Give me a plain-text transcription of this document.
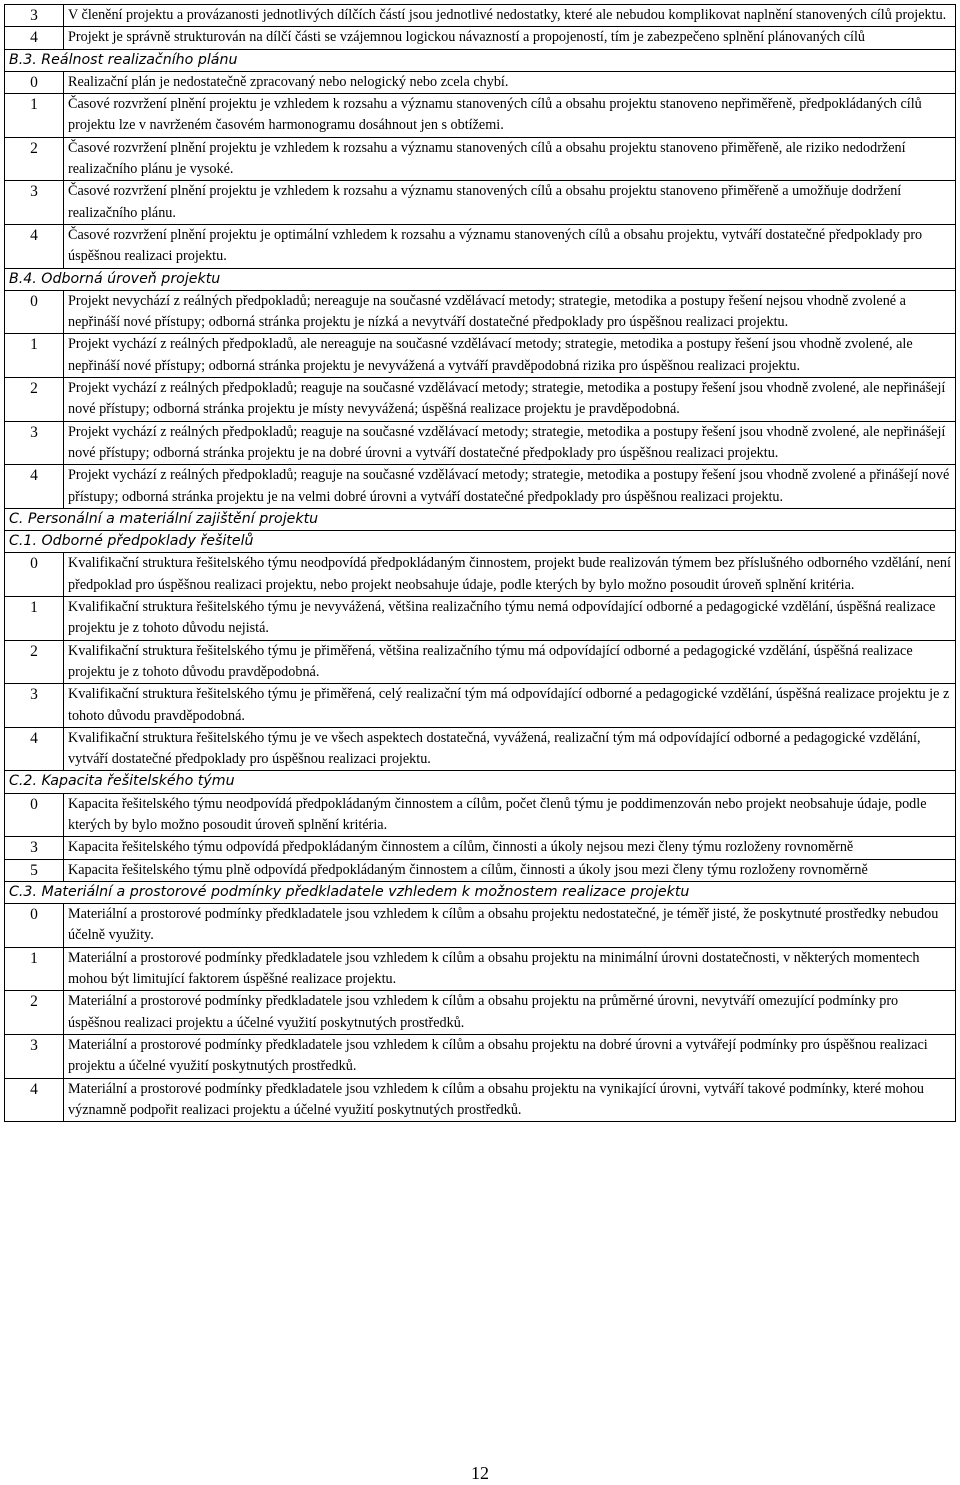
3	V členění projektu a provázanosti jednotlivých dílčích částí jsou jednotlivé nedostatky, které ale nebudou komplikovat naplnění stanovených cílů projektu.
4	Projekt je správně strukturován na dílčí části se vzájemnou logickou návazností a propojeností, tím je zabezpečeno splnění plánovaných cílů
B.3. Reálnost realizačního plánu	
0	Realizační plán je nedostatečně zpracovaný nebo nelogický nebo zcela chybí.
1	Časové rozvržení plnění projektu je vzhledem k rozsahu a významu stanovených cílů a obsahu projektu stanoveno nepřiměřeně, předpokládaných cílů projektu lze v navrženém časovém harmonogramu dosáhnout jen s obtížemi.
2	Časové rozvržení plnění projektu je vzhledem k rozsahu a významu stanovených cílů a obsahu projektu stanoveno přiměřeně, ale riziko nedodržení realizačního plánu je vysoké.
3	Časové rozvržení plnění projektu je vzhledem k rozsahu a významu stanovených cílů a obsahu projektu stanoveno přiměřeně a umožňuje dodržení realizačního plánu.
4	Časové rozvržení plnění projektu je optimální vzhledem k rozsahu a významu stanovených cílů a obsahu projektu, vytváří dostatečné předpoklady pro úspěšnou realizaci projektu.
B.4. Odborná úroveň projektu	
0	Projekt nevychází z reálných předpokladů; nereaguje na současné vzdělávací metody; strategie, metodika a postupy řešení nejsou vhodně zvolené a nepřináší nové přístupy; odborná stránka projektu je nízká a nevytváří dostatečné předpoklady pro úspěšnou realizaci projektu.
1	Projekt vychází z reálných předpokladů, ale nereaguje na současné vzdělávací metody; strategie, metodika a postupy řešení jsou vhodně zvolené, ale nepřináší nové přístupy; odborná stránka projektu je nevyvážená a vytváří pravděpodobná rizika pro úspěšnou realizaci projektu.
2	Projekt vychází z reálných předpokladů; reaguje na současné vzdělávací metody; strategie, metodika a postupy řešení jsou vhodně zvolené, ale nepřinášejí nové přístupy; odborná stránka projektu je místy nevyvážená; úspěšná realizace projektu je pravděpodobná.
3	Projekt vychází z reálných předpokladů; reaguje na současné vzdělávací metody; strategie, metodika a postupy řešení jsou vhodně zvolené, ale nepřinášejí nové přístupy; odborná stránka projektu je na dobré úrovni a vytváří dostatečné předpoklady pro úspěšnou realizaci projektu.
4	Projekt vychází z reálných předpokladů; reaguje na současné vzdělávací metody; strategie, metodika a postupy řešení jsou vhodně zvolené a přinášejí nové přístupy; odborná stránka projektu je na velmi dobré úrovni a vytváří dostatečné předpoklady pro úspěšnou realizaci projektu.
C. Personální a materiální zajištění projektu	
C.1. Odborné předpoklady řešitelů	
0	Kvalifikační struktura řešitelského týmu neodpovídá předpokládaným činnostem, projekt bude realizován týmem bez příslušného odborného vzdělání, není předpoklad pro úspěšnou realizaci projektu, nebo projekt neobsahuje údaje, podle kterých by bylo možno posoudit úroveň splnění kritéria.
1	Kvalifikační struktura řešitelského týmu je nevyvážená, většina realizačního týmu nemá odpovídající odborné a pedagogické vzdělání, úspěšná realizace projektu je z tohoto důvodu nejistá.
2	Kvalifikační struktura řešitelského týmu je přiměřená, většina realizačního týmu má odpovídající odborné a pedagogické vzdělání, úspěšná realizace projektu je z tohoto důvodu pravděpodobná.
3	Kvalifikační struktura řešitelského týmu je přiměřená, celý realizační tým má odpovídající odborné a pedagogické vzdělání, úspěšná realizace projektu je z tohoto důvodu pravděpodobná.
4	Kvalifikační struktura řešitelského týmu je ve všech aspektech dostatečná, vyvážená, realizační tým má odpovídající odborné a pedagogické vzdělání, vytváří dostatečné předpoklady pro úspěšnou realizaci projektu.
C.2. Kapacita řešitelského týmu	
0	Kapacita řešitelského týmu neodpovídá předpokládaným činnostem a cílům, počet členů týmu je poddimenzován nebo projekt neobsahuje údaje, podle kterých by bylo možno posoudit úroveň splnění kritéria.
3	Kapacita řešitelského týmu odpovídá předpokládaným činnostem a cílům, činnosti a úkoly nejsou mezi členy týmu rozloženy rovnoměrně
5	Kapacita řešitelského týmu plně odpovídá předpokládaným činnostem a cílům, činnosti a úkoly jsou mezi členy týmu rozloženy rovnoměrně
C.3. Materiální a prostorové podmínky předkladatele vzhledem k možnostem realizace projektu	
0	Materiální a prostorové podmínky předkladatele jsou vzhledem k cílům a obsahu projektu nedostatečné, je téměř jisté, že poskytnuté prostředky nebudou účelně využity.
1	Materiální a prostorové podmínky předkladatele jsou vzhledem k cílům a obsahu projektu na minimální úrovni dostatečnosti, v některých momentech mohou být limitující faktorem úspěšné realizace projektu.
2	Materiální a prostorové podmínky předkladatele jsou vzhledem k cílům a obsahu projektu na průměrné úrovni, nevytváří omezující podmínky pro úspěšnou realizaci projektu a účelné využití poskytnutých prostředků.
3	Materiální a prostorové podmínky předkladatele jsou vzhledem k cílům a obsahu projektu na dobré úrovni a vytvářejí podmínky pro úspěšnou realizaci projektu a účelné využití poskytnutých prostředků.
4	Materiální a prostorové podmínky předkladatele jsou vzhledem k cílům a obsahu projektu na vynikající úrovni, vytváří takové podmínky, které mohou významně podpořit realizaci projektu a účelné využití poskytnutých prostředků.
12
